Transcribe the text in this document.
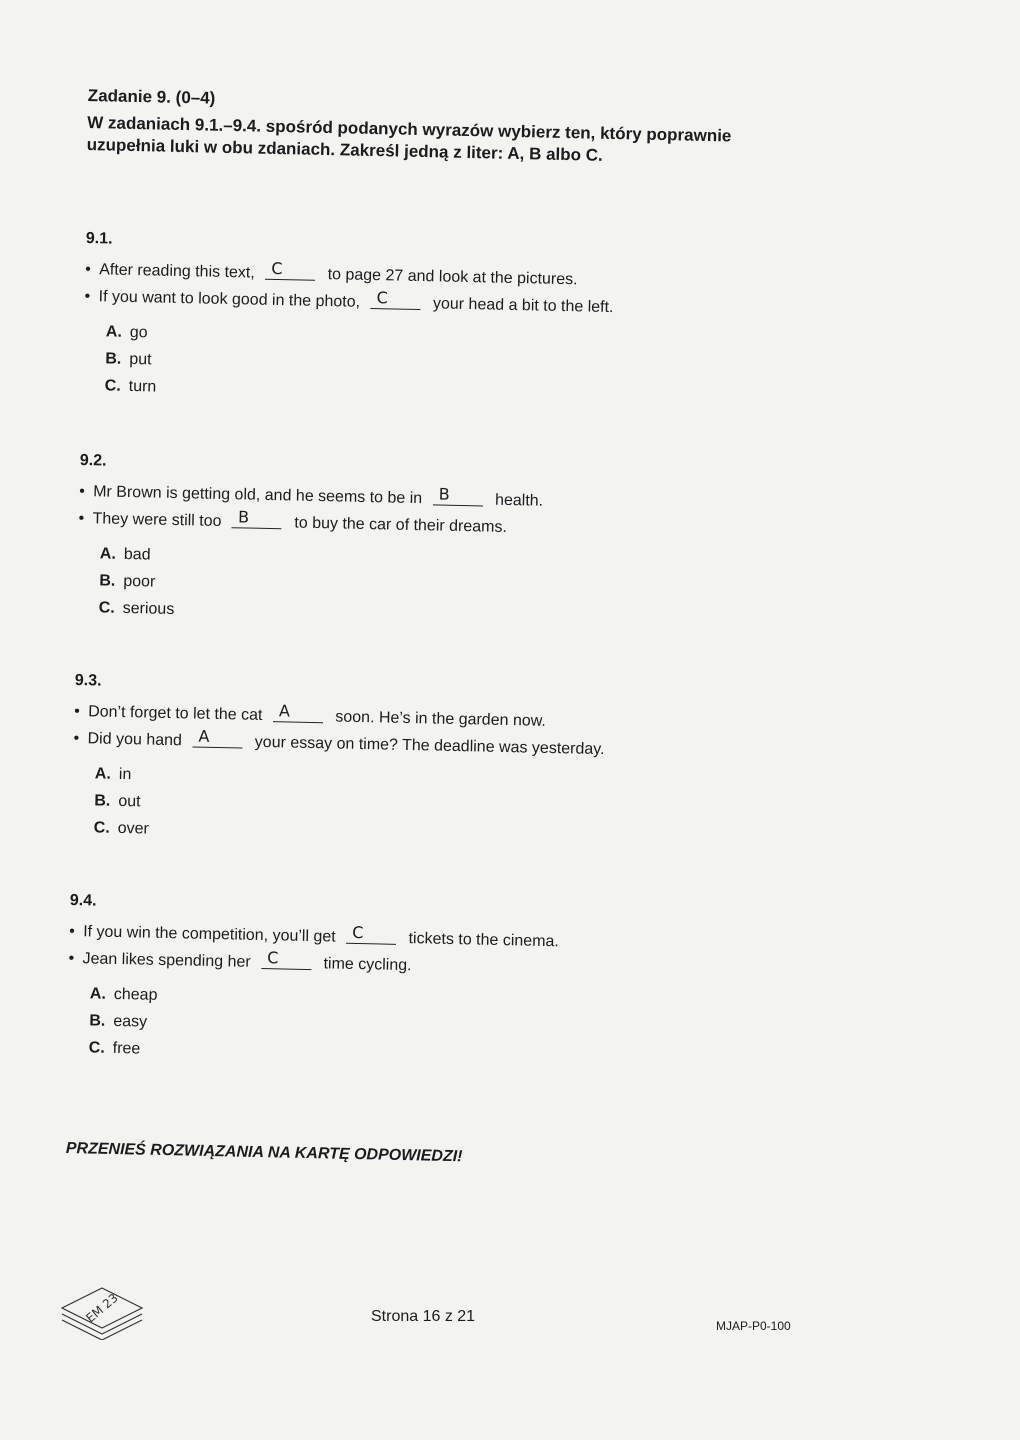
Zadanie 9. (0–4)

W zadaniach 9.1.–9.4. spośród podanych wyrazów wybierz ten, który poprawnie uzupełnia luki w obu zdaniach. Zakreśl jedną z liter: A, B albo C.

9.1.
• After reading this text, C	to page 27 and look at the pictures.
• If you want to look good in the photo, C	your head a bit to the left.
A. go
B. put
C. turn
9.2.
• Mr Brown is getting old, and he seems to be in B	health.
• They were still too B	to buy the car of their dreams.
A. bad
B. poor
C. serious
9.3.
• Don’t forget to let the cat A	soon. He’s in the garden now.
• Did you hand A	your essay on time? The deadline was yesterday.
A. in
B. out
C. over
9.4.
• If you win the competition, you’ll get C	tickets to the cinema.
• Jean likes spending her C	time cycling.
A. cheap
B. easy
C. free
PRZENIEŚ ROZWIĄZANIA NA KARTĘ ODPOWIEDZI!
EM 23	Strona 16 z 21
MJAP-P0-100
